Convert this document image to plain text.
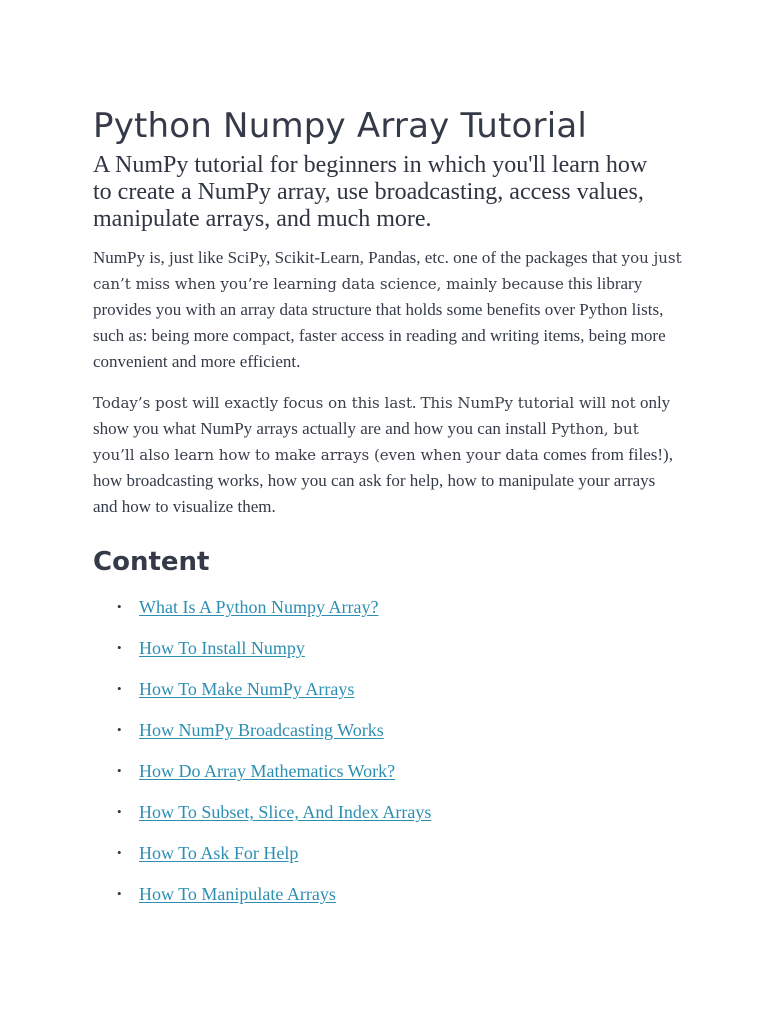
Python Numpy Array Tutorial

A NumPy tutorial for beginners in which you'll learn how to create a NumPy array, use broadcasting, access values, manipulate arrays, and much more.

NumPy is, just like SciPy, Scikit-Learn, Pandas, etc. one of the packages that you just can’t miss when you’re learning data science, mainly because this library provides you with an array data structure that holds some benefits over Python lists, such as: being more compact, faster access in reading and writing items, being more convenient and more efficient.

Today’s post will exactly focus on this last. This NumPy tutorial will not only show you what NumPy arrays actually are and how you can install Python, but you’ll also learn how to make arrays (even when your data comes from files!), how broadcasting works, how you can ask for help, how to manipulate your arrays and how to visualize them.

Content
• What Is A Python Numpy Array?
• How To Install Numpy
• How To Make NumPy Arrays
• How NumPy Broadcasting Works
• How Do Array Mathematics Work?
• How To Subset, Slice, And Index Arrays
• How To Ask For Help
• How To Manipulate Arrays
